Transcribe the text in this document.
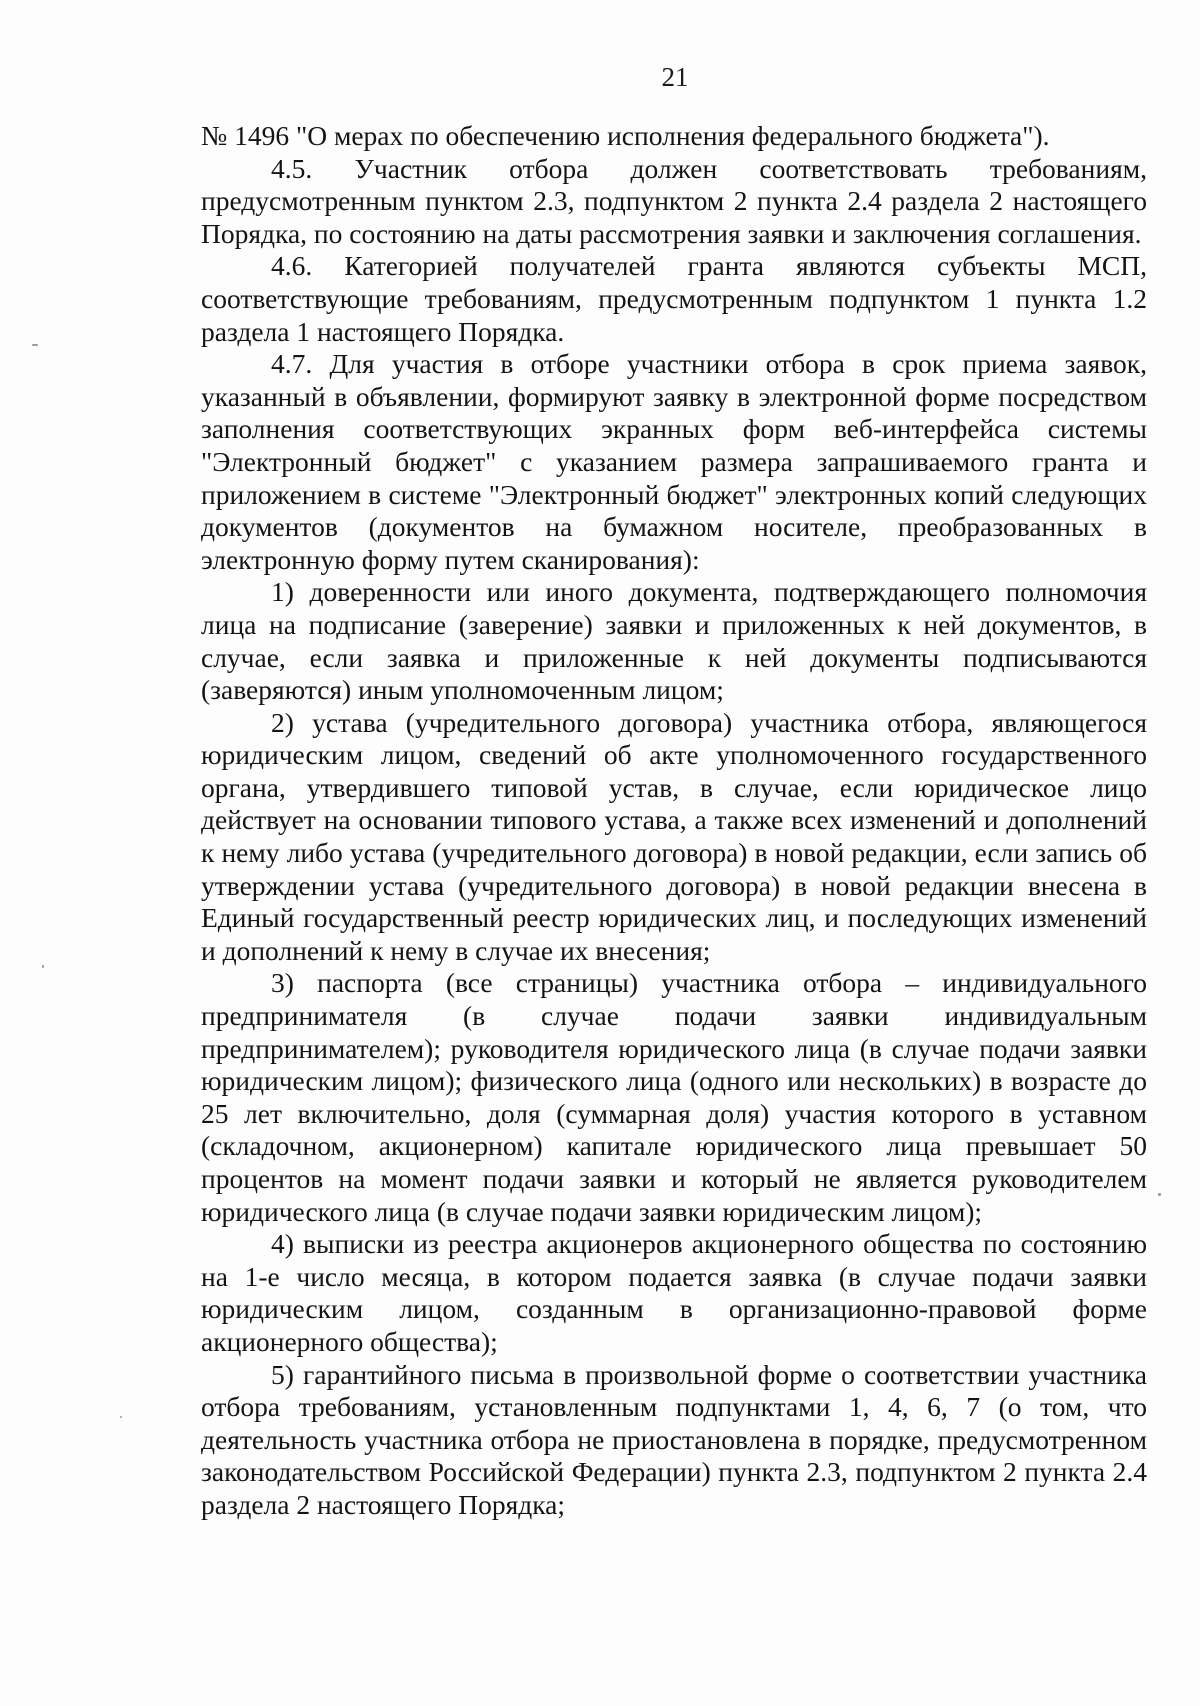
21

№ 1496 "О мерах по обеспечению исполнения федерального бюджета").

4.5. Участник отбора должен соответствовать требованиям, предусмотренным пунктом 2.3, подпунктом 2 пункта 2.4 раздела 2 настоящего Порядка, по состоянию на даты рассмотрения заявки и заключения соглашения.

4.6. Категорией получателей гранта являются субъекты МСП, соответствующие требованиям, предусмотренным подпунктом 1 пункта 1.2 раздела 1 настоящего Порядка.

4.7. Для участия в отборе участники отбора в срок приема заявок, указанный в объявлении, формируют заявку в электронной форме посредством заполнения соответствующих экранных форм веб-интерфейса системы "Электронный бюджет" с указанием размера запрашиваемого гранта и приложением в системе "Электронный бюджет" электронных копий следующих документов (документов на бумажном носителе, преобразованных в электронную форму путем сканирования):

1) доверенности или иного документа, подтверждающего полномочия лица на подписание (заверение) заявки и приложенных к ней документов, в случае, если заявка и приложенные к ней документы подписываются (заверяются) иным уполномоченным лицом;

2) устава (учредительного договора) участника отбора, являющегося юридическим лицом, сведений об акте уполномоченного государственного органа, утвердившего типовой устав, в случае, если юридическое лицо действует на основании типового устава, а также всех изменений и дополнений к нему либо устава (учредительного договора) в новой редакции, если запись об утверждении устава (учредительного договора) в новой редакции внесена в Единый государственный реестр юридических лиц, и последующих изменений и дополнений к нему в случае их внесения;

3) паспорта (все страницы) участника отбора – индивидуального предпринимателя (в случае подачи заявки индивидуальным предпринимателем); руководителя юридического лица (в случае подачи заявки юридическим лицом); физического лица (одного или нескольких) в возрасте до 25 лет включительно, доля (суммарная доля) участия которого в уставном (складочном, акционерном) капитале юридического лица превышает 50 процентов на момент подачи заявки и который не является руководителем юридического лица (в случае подачи заявки юридическим лицом);

4) выписки из реестра акционеров акционерного общества по состоянию на 1-е число месяца, в котором подается заявка (в случае подачи заявки юридическим лицом, созданным в организационно-правовой форме акционерного общества);

5) гарантийного письма в произвольной форме о соответствии участника отбора требованиям, установленным подпунктами 1, 4, 6, 7 (о том, что деятельность участника отбора не приостановлена в порядке, предусмотренном законодательством Российской Федерации) пункта 2.3, подпунктом 2 пункта 2.4 раздела 2 настоящего Порядка;
